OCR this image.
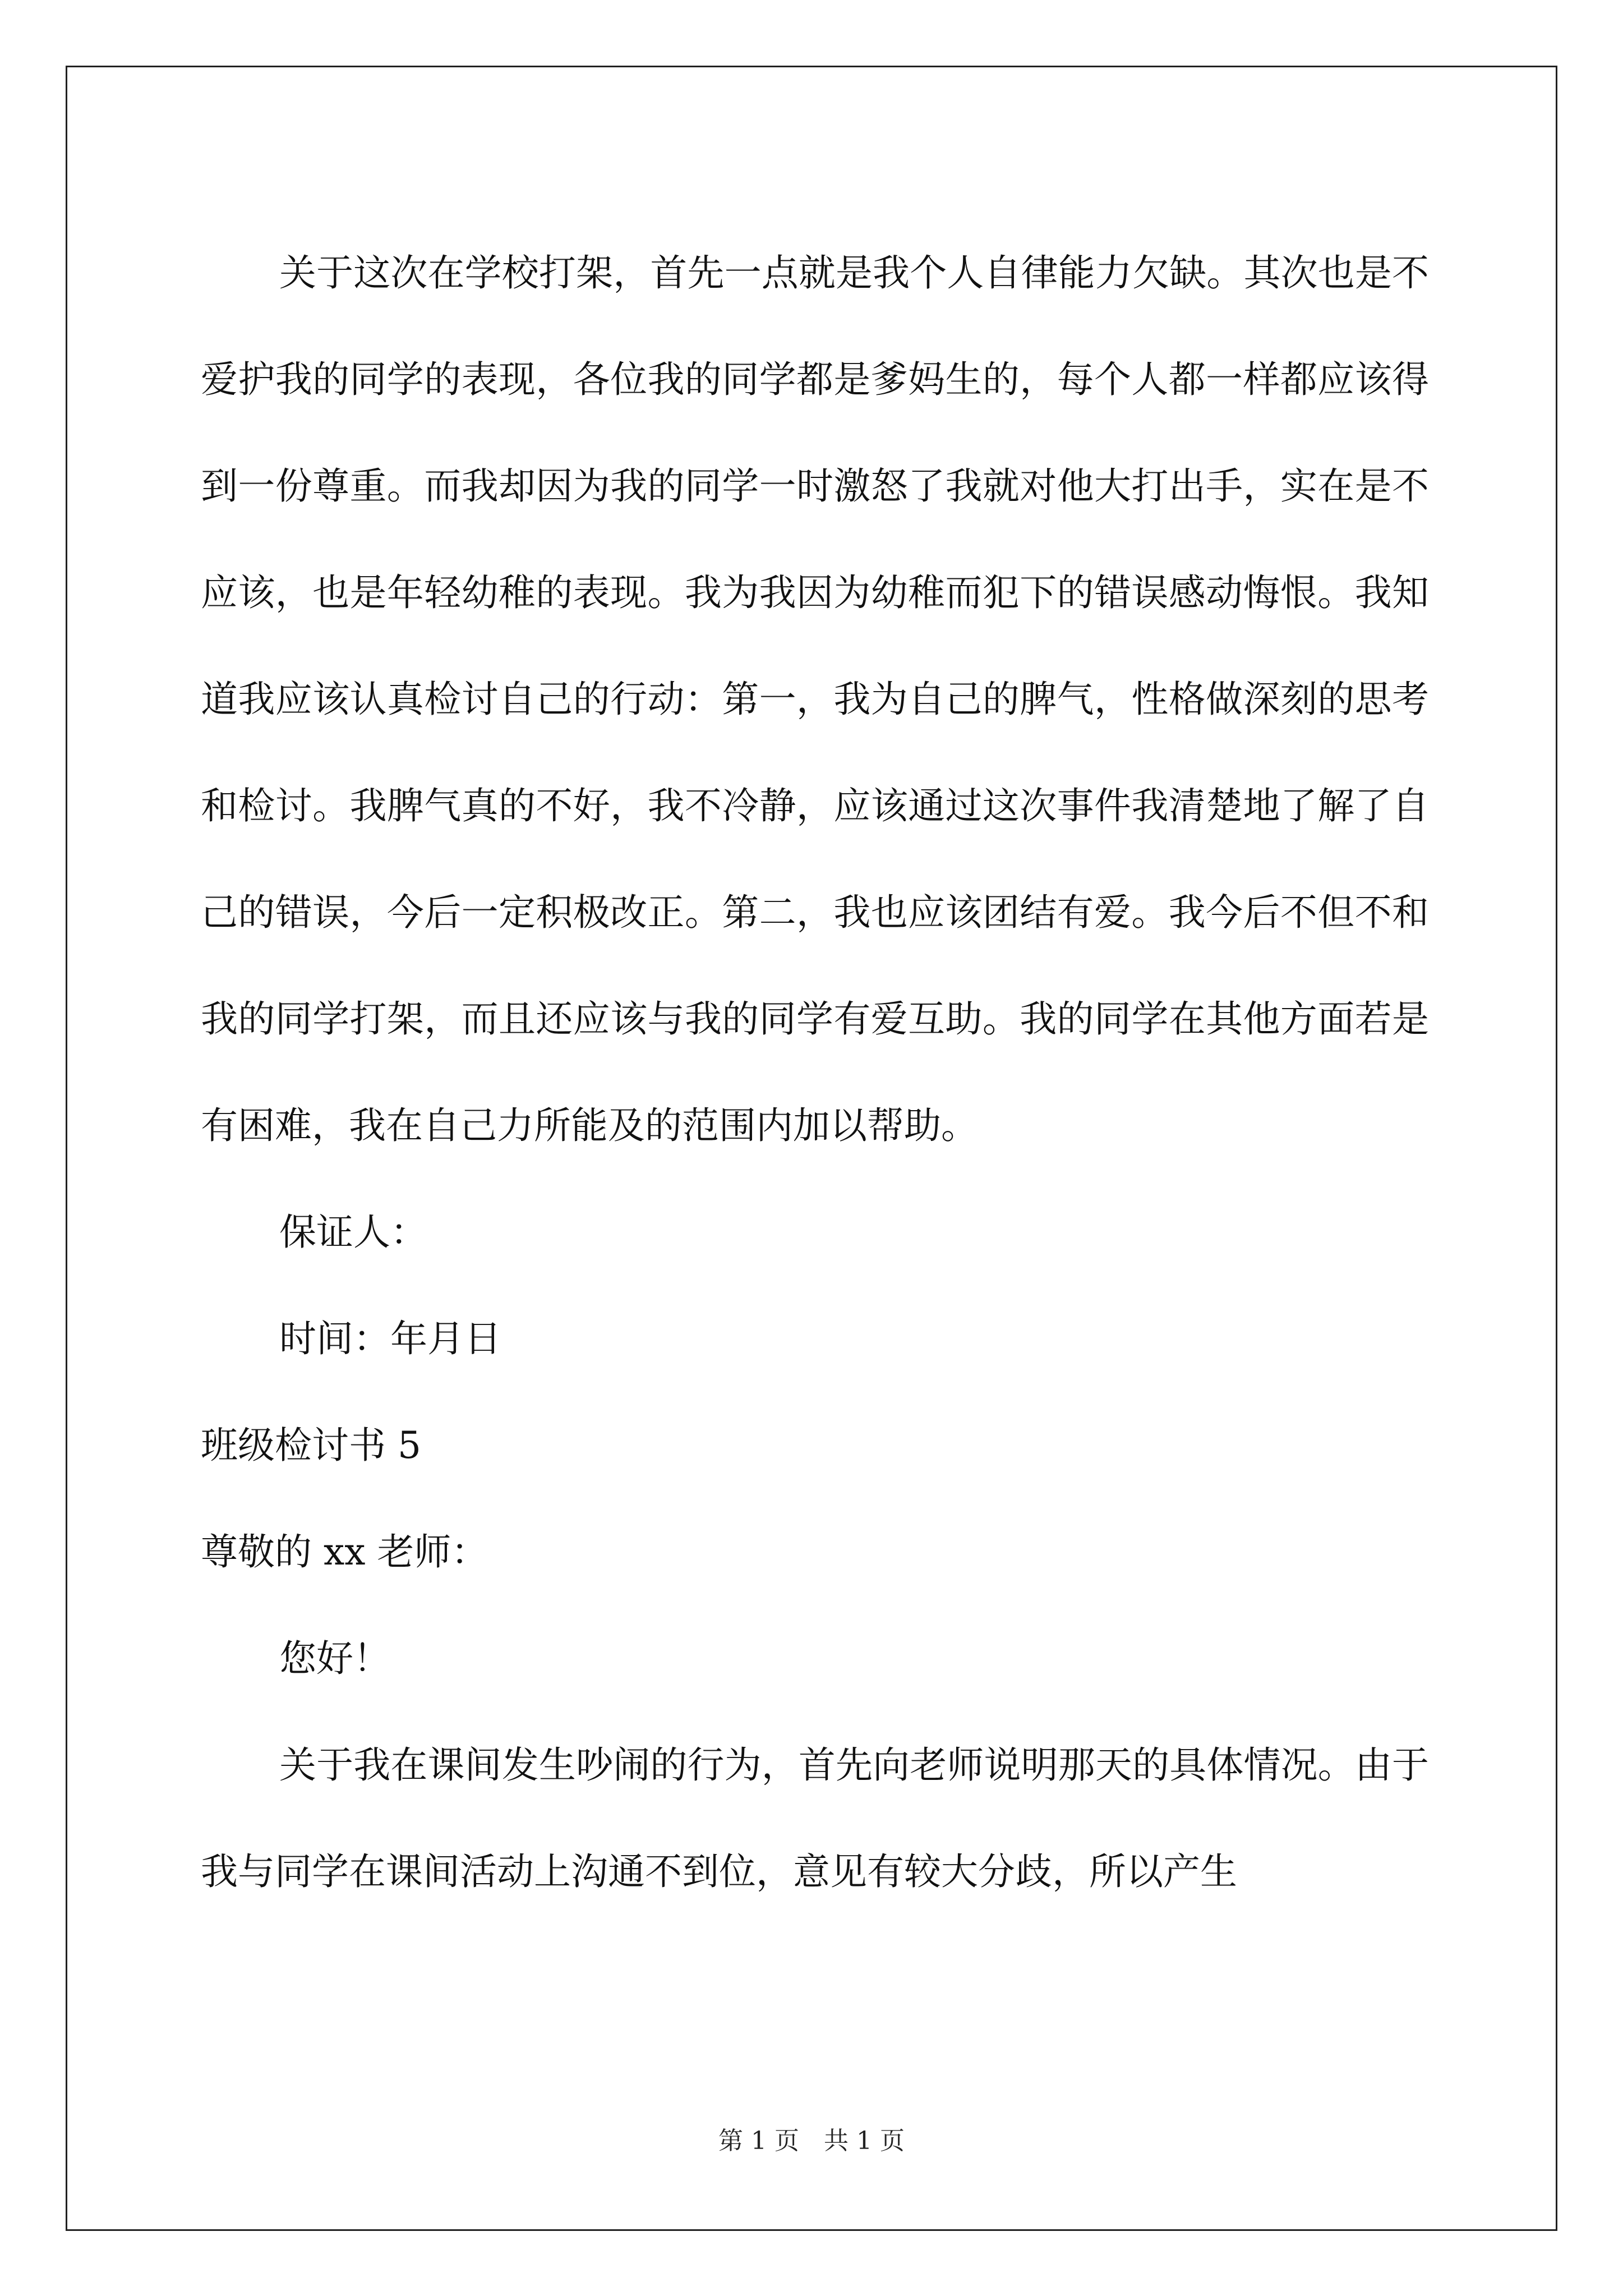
关于这次在学校打架，首先一点就是我个人自律能力欠缺。其次也是不爱护我的同学的表现，各位我的同学都是爹妈生的，每个人都一样都应该得到一份尊重。而我却因为我的同学一时激怒了我就对他大打出手，实在是不应该，也是年轻幼稚的表现。我为我因为幼稚而犯下的错误感动悔恨。我知道我应该认真检讨自己的行动：第一，我为自己的脾气，性格做深刻的思考和检讨。我脾气真的不好，我不冷静，应该通过这次事件我清楚地了解了自己的错误，今后一定积极改正。第二，我也应该团结有爱。我今后不但不和我的同学打架，而且还应该与我的同学有爱互助。我的同学在其他方面若是有困难，我在自己力所能及的范围内加以帮助。

保证人：

时间：年月日

班级检讨书 5

尊敬的 xx 老师：

您好！

关于我在课间发生吵闹的行为，首先向老师说明那天的具体情况。由于我与同学在课间活动上沟通不到位，意见有较大分歧，所以产生

第 1 页　共 1 页
